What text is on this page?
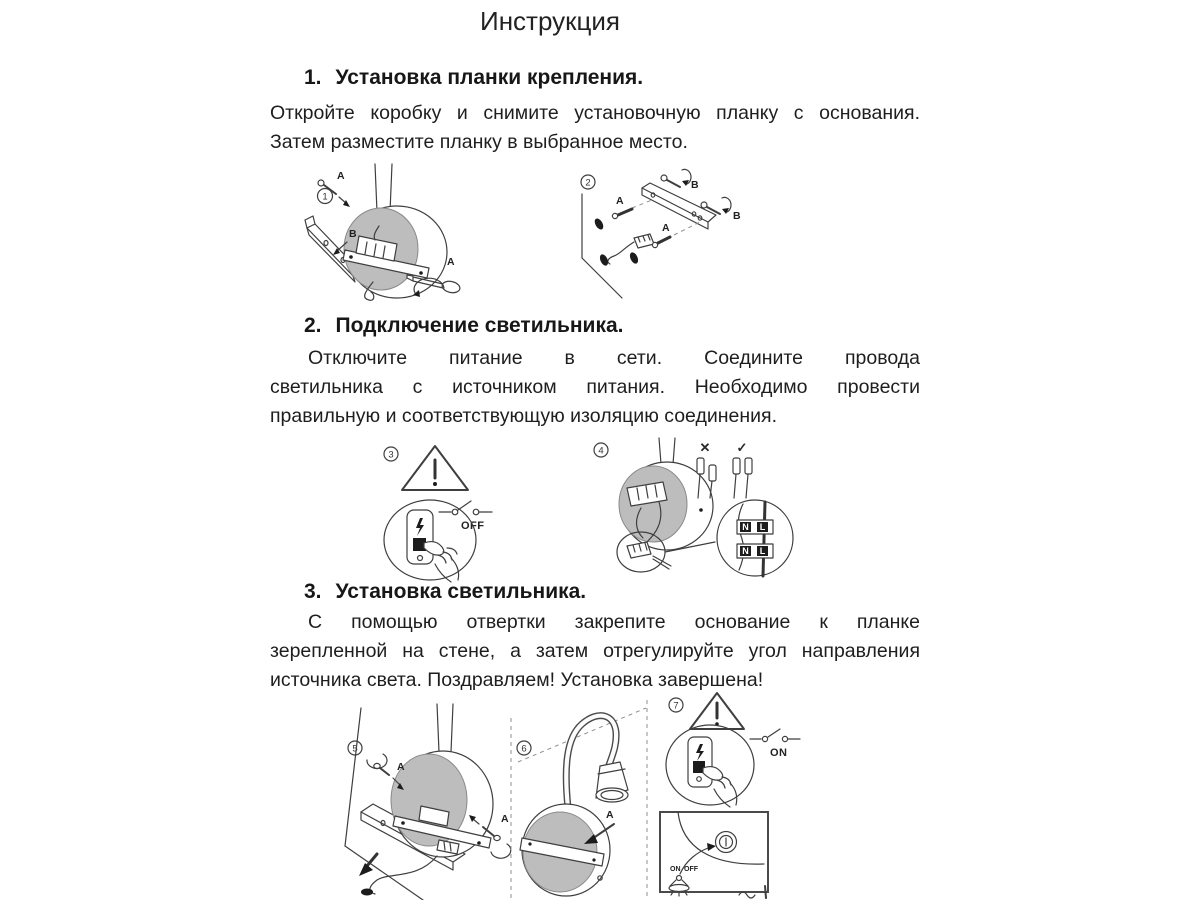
Инструкция
1. Установка планки крепления.
Откройте коробку и снимите установочную планку с основания.
Затем разместите планку в выбранное место.
1
A
B
A
2	B
B
A
A
2. Подключение светильника.
Отключите питание в сети. Соедините провода
светильника с источником питания. Необходимо провести
правильную и соответствующую изоляцию соединения.
3
OFF
4	✕ ✓
N L
N L
3. Установка светильника.
С помощью отвертки закрепите основание к планке
зерепленной на стене, а затем отрегулируйте угол направления
источника света. Поздравляем! Установка завершена!
5
A
A
6
A
7
ON
ON OFF
